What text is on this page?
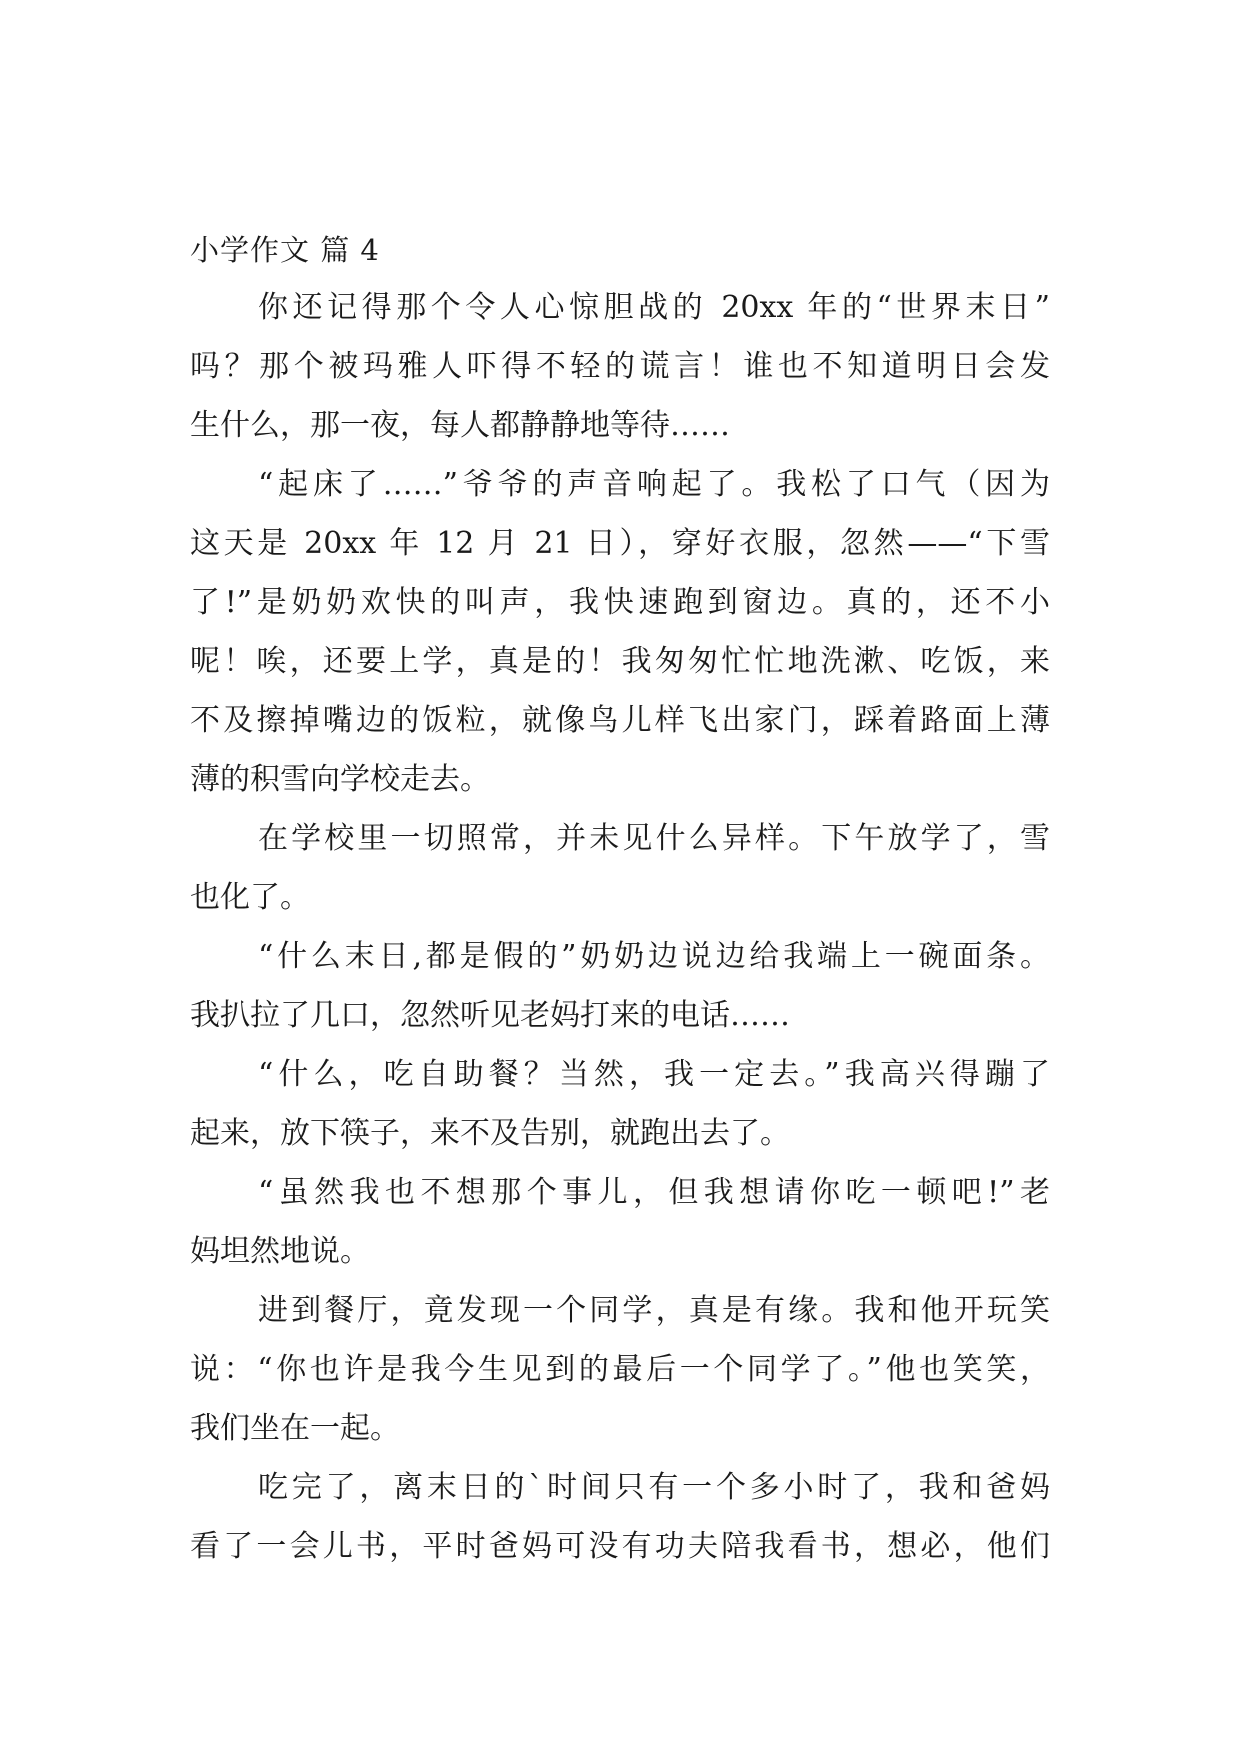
小学作文 篇 4

你还记得那个令人心惊胆战的 20xx 年的“世界末日”
吗？那个被玛雅人吓得不轻的谎言！谁也不知道明日会发
生什么，那一夜，每人都静静地等待……

“起床了……”爷爷的声音响起了。我松了口气（因为
这天是 20xx 年 12 月 21 日），穿好衣服，忽然——“下雪
了!”是奶奶欢快的叫声，我快速跑到窗边。真的，还不小
呢！唉，还要上学，真是的！我匆匆忙忙地洗漱、吃饭，来
不及擦掉嘴边的饭粒，就像鸟儿样飞出家门，踩着路面上薄
薄的积雪向学校走去。

在学校里一切照常，并未见什么异样。下午放学了，雪
也化了。

“什么末日,都是假的”奶奶边说边给我端上一碗面条。
我扒拉了几口，忽然听见老妈打来的电话……

“什么，吃自助餐？当然，我一定去。”我高兴得蹦了
起来，放下筷子，来不及告别，就跑出去了。

“虽然我也不想那个事儿，但我想请你吃一顿吧!”老
妈坦然地说。

进到餐厅，竟发现一个同学，真是有缘。我和他开玩笑
说：“你也许是我今生见到的最后一个同学了。”他也笑笑，
我们坐在一起。

吃完了，离末日的`时间只有一个多小时了，我和爸妈
看了一会儿书，平时爸妈可没有功夫陪我看书，想必，他们
